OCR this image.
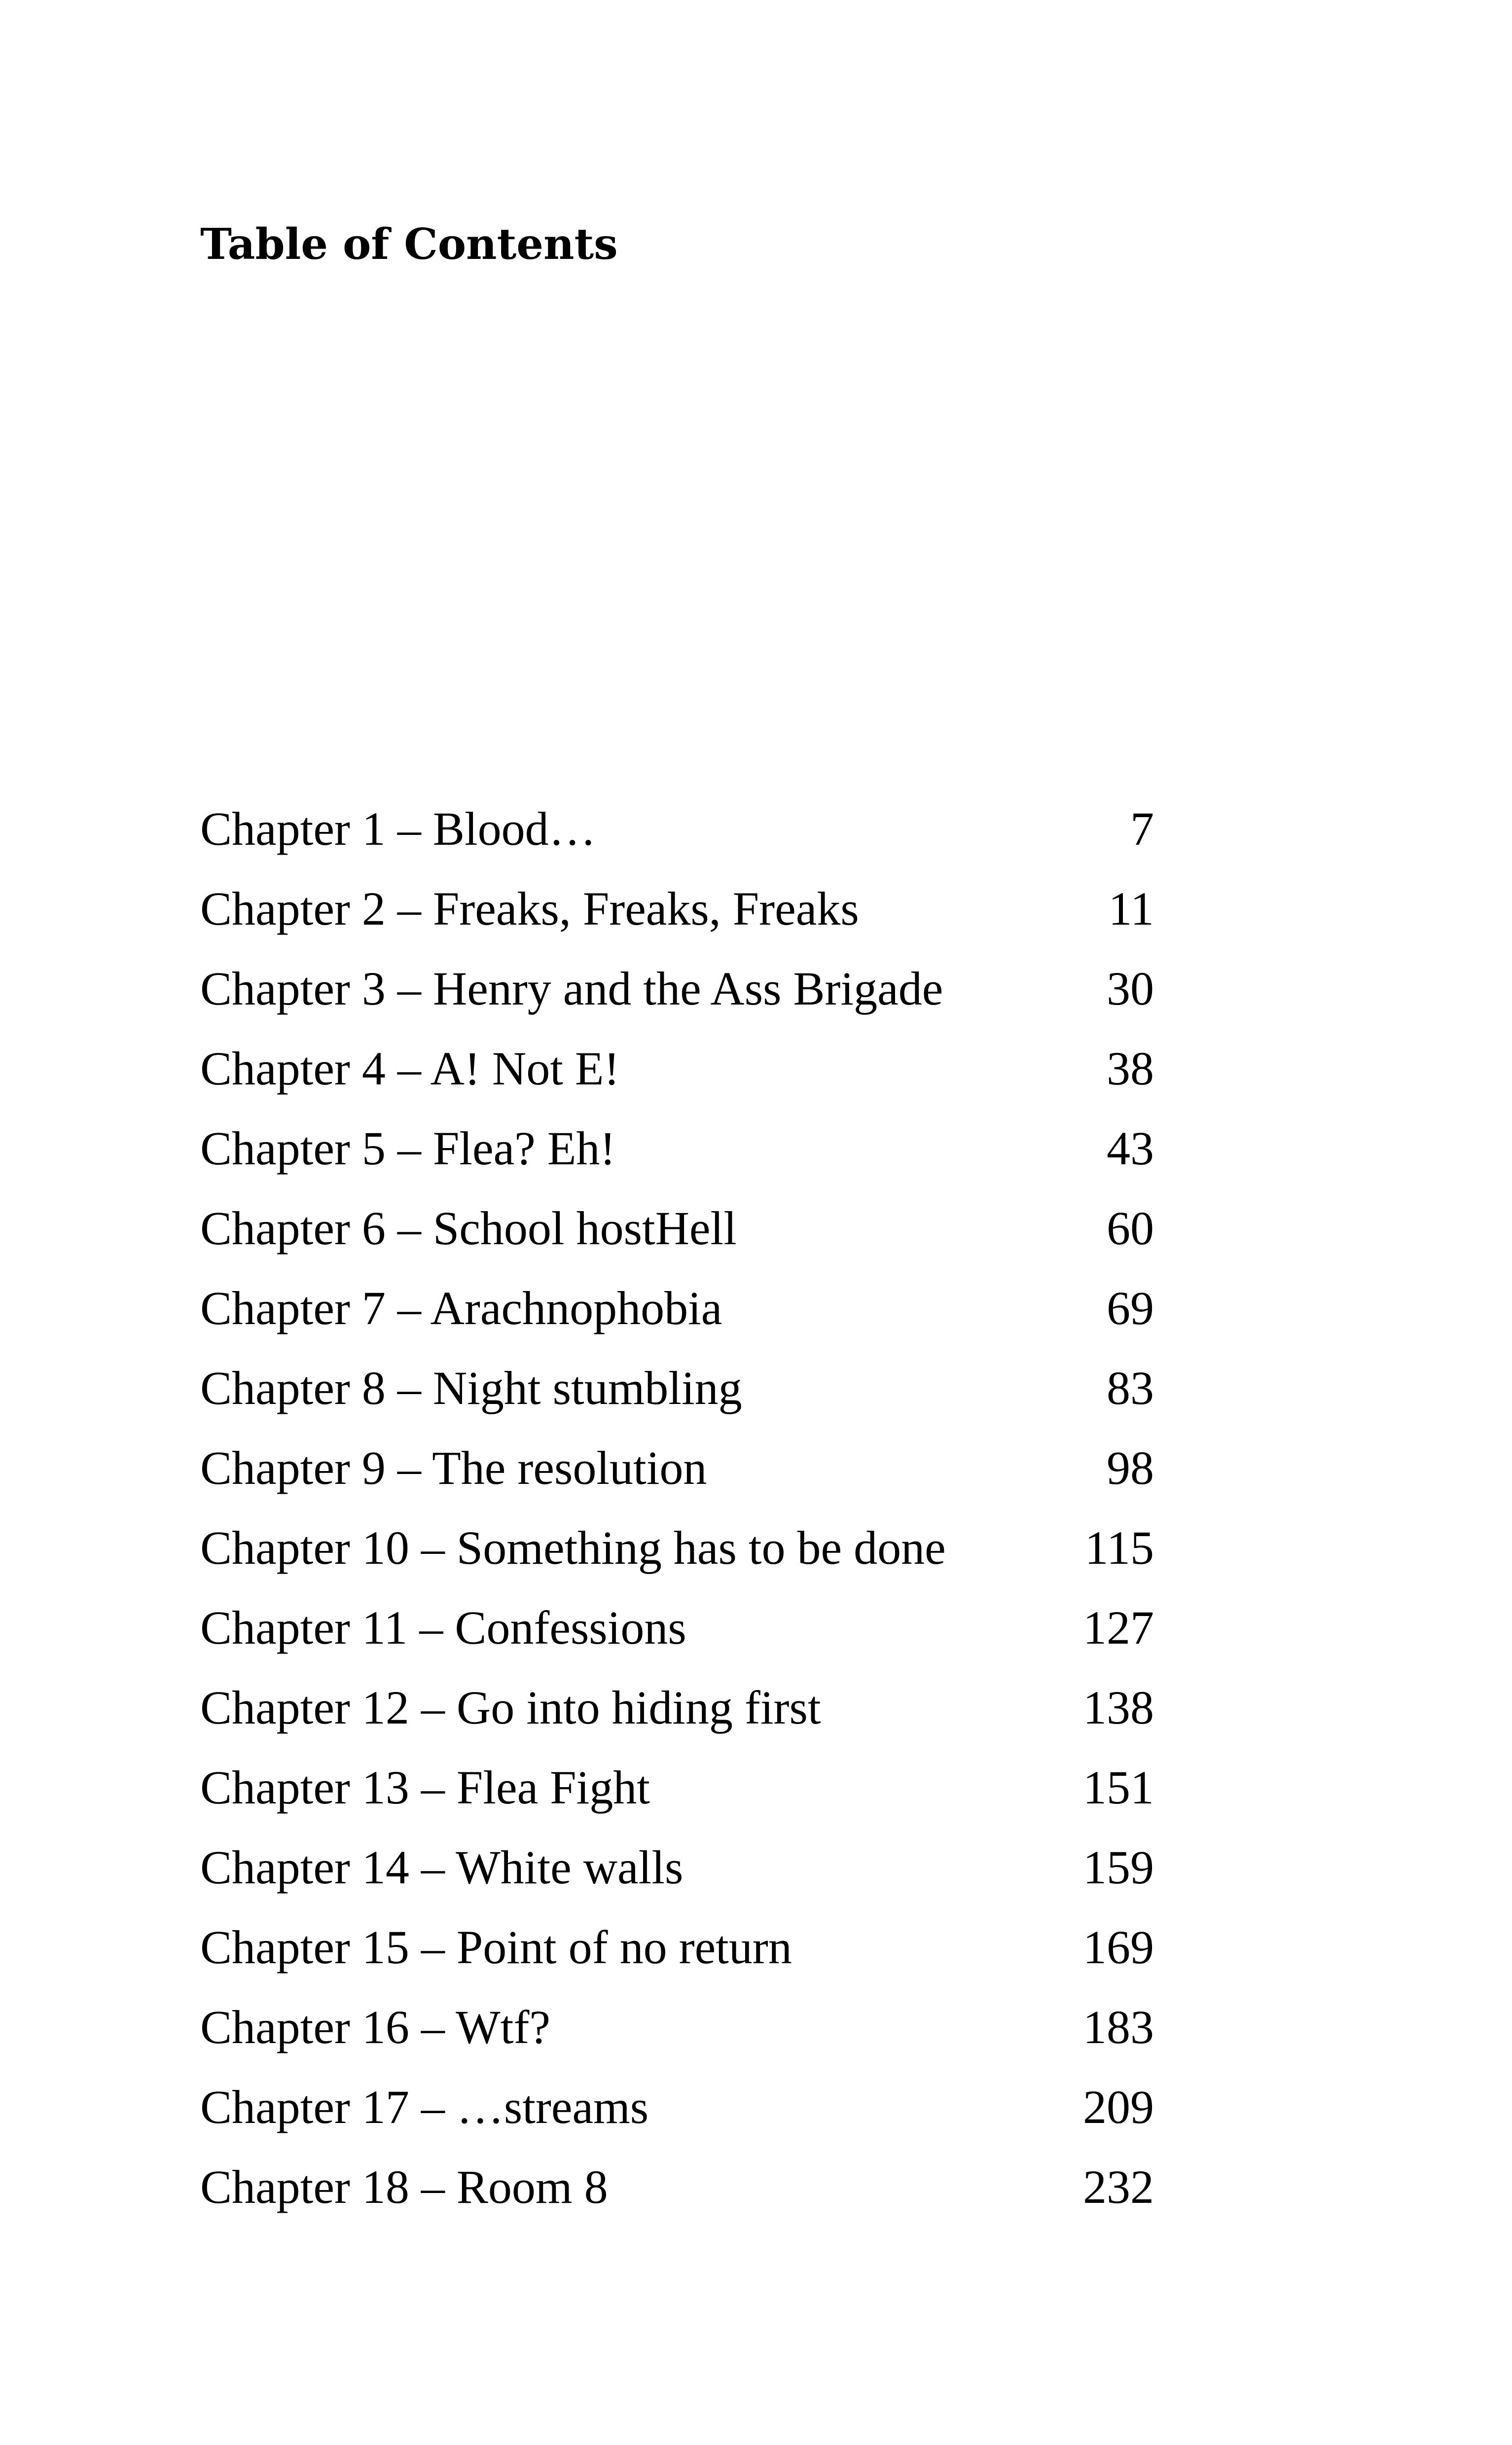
Table of Contents
Chapter 1 – Blood…	7
Chapter 2 – Freaks, Freaks, Freaks	11
Chapter 3 – Henry and the Ass Brigade	30
Chapter 4 – A! Not E!	38
Chapter 5 – Flea? Eh!	43
Chapter 6 – School hostHell	60
Chapter 7 – Arachnophobia	69
Chapter 8 – Night stumbling	83
Chapter 9 – The resolution	98
Chapter 10 – Something has to be done	115
Chapter 11 – Confessions	127
Chapter 12 – Go into hiding first	138
Chapter 13 – Flea Fight	151
Chapter 14 – White walls	159
Chapter 15 – Point of no return	169
Chapter 16 – Wtf?	183
Chapter 17 – …streams	209
Chapter 18 – Room 8	232
